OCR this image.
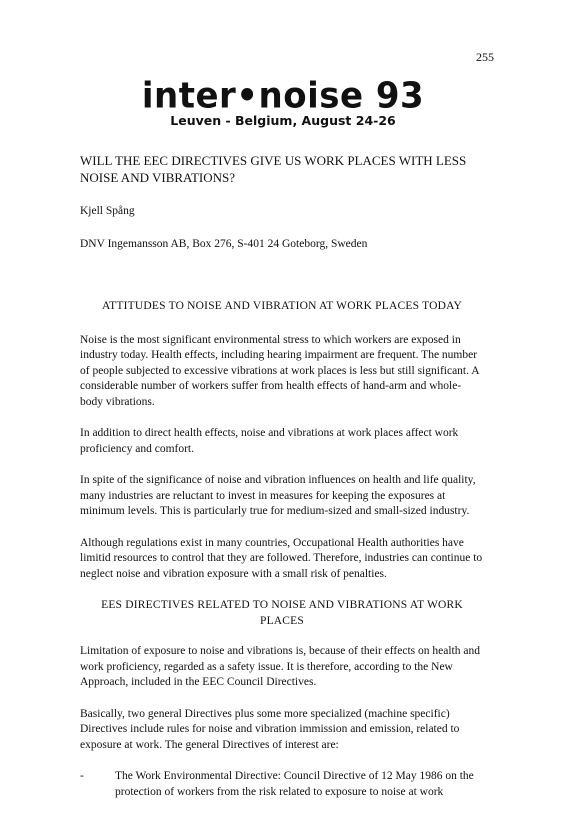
255
inter•noise 93
Leuven - Belgium, August 24-26
WILL THE EEC DIRECTIVES GIVE US WORK PLACES WITH LESS NOISE AND VIBRATIONS?
Kjell Spång
DNV Ingemansson AB, Box 276, S-401 24 Goteborg, Sweden
ATTITUDES TO NOISE AND VIBRATION AT WORK PLACES TODAY

Noise is the most significant environmental stress to which workers are exposed in industry today. Health effects, including hearing impairment are frequent. The number of people subjected to excessive vibrations at work places is less but still significant. A considerable number of workers suffer from health effects of hand-arm and whole-body vibrations.

In addition to direct health effects, noise and vibrations at work places affect work proficiency and comfort.

In spite of the significance of noise and vibration influences on health and life quality, many industries are reluctant to invest in measures for keeping the exposures at minimum levels. This is particularly true for medium-sized and small-sized industry.

Although regulations exist in many countries, Occupational Health authorities have limitid resources to control that they are followed. Therefore, industries can continue to neglect noise and vibration exposure with a small risk of penalties.

EES DIRECTIVES RELATED TO NOISE AND VIBRATIONS AT WORK PLACES

Limitation of exposure to noise and vibrations is, because of their effects on health and work proficiency, regarded as a safety issue. It is therefore, according to the New Approach, included in the EEC Council Directives.

Basically, two general Directives plus some more specialized (machine specific) Directives include rules for noise and vibration immission and emission, related to exposure at work. The general Directives of interest are:

-	The Work Environmental Directive: Council Directive of 12 May 1986 on the protection of workers from the risk related to exposure to noise at work
